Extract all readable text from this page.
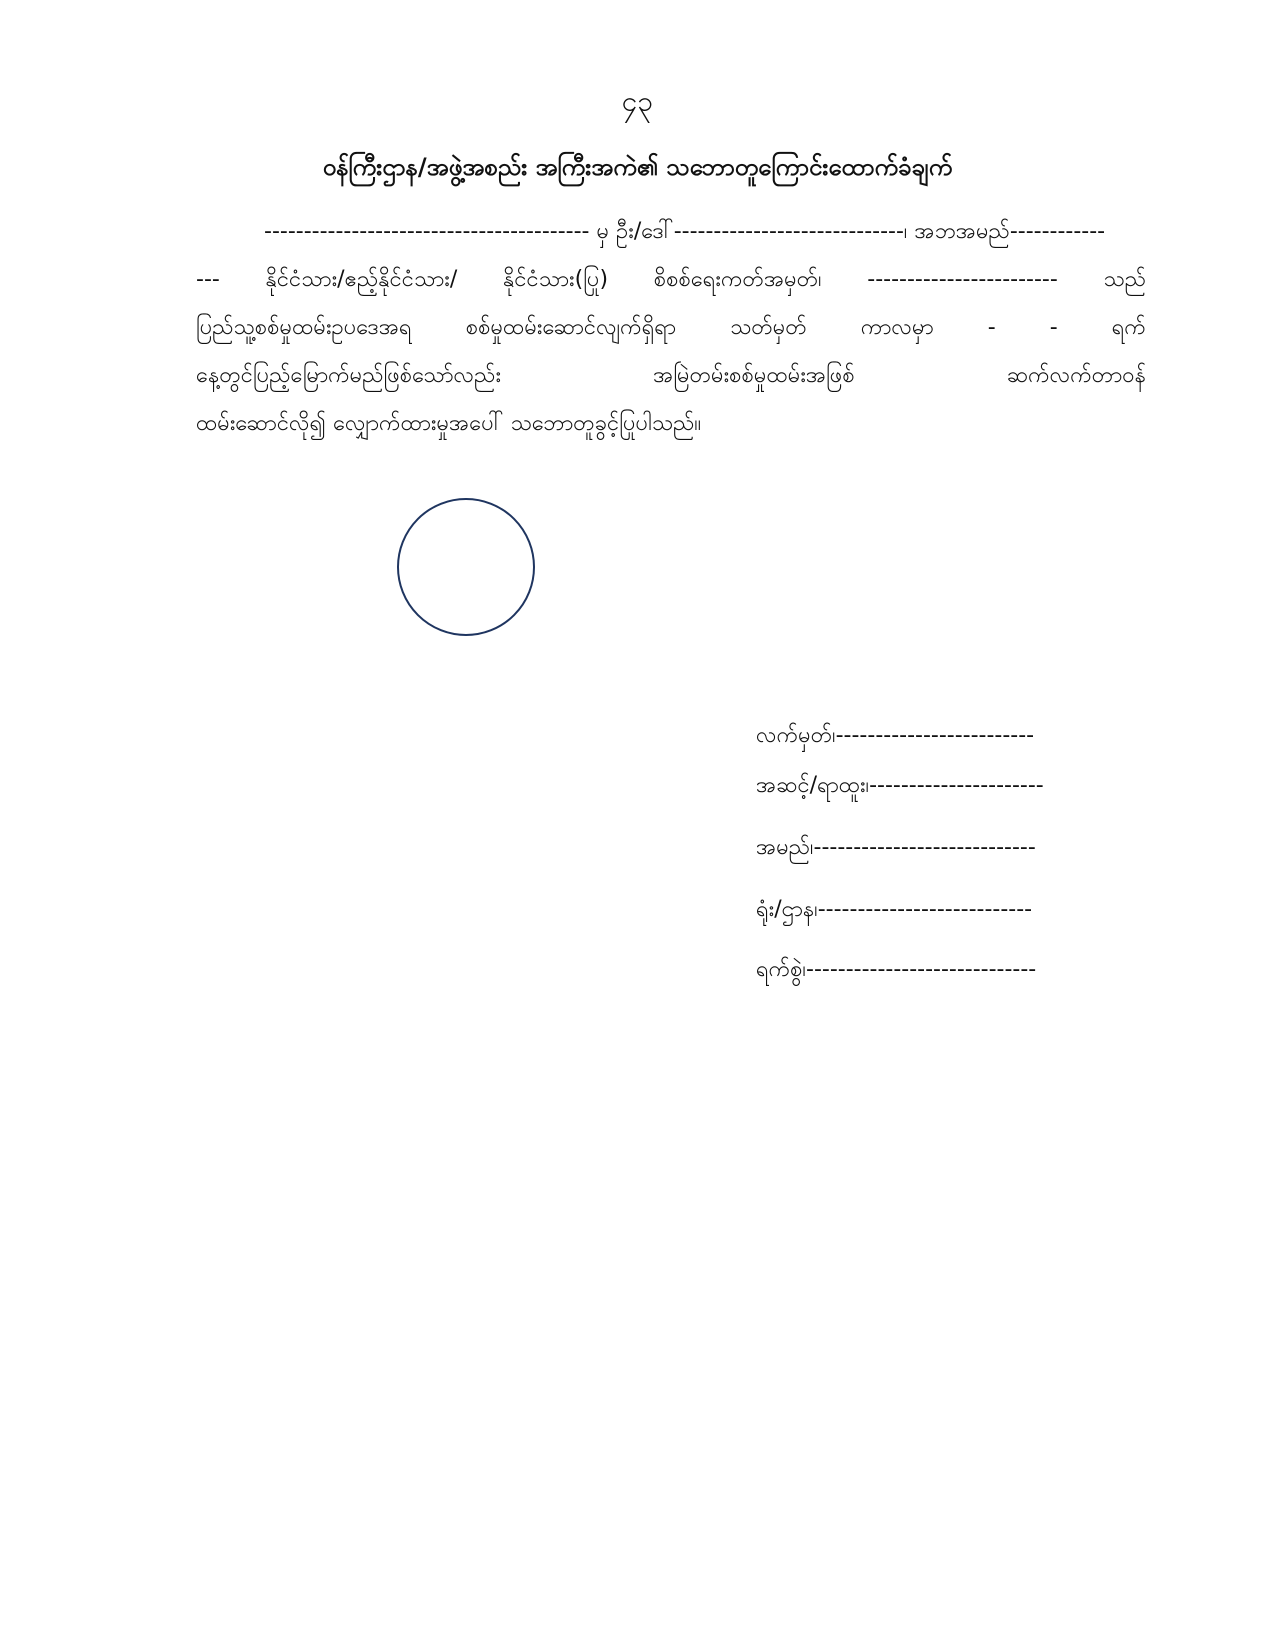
၄၃
ဝန်ကြီးဌာန/အဖွဲ့အစည်း အကြီးအကဲ၏ သဘောတူကြောင်းထောက်ခံချက်
----------------------------------------- မှ ဦး/ဒေါ်-----------------------------၊ အဘအမည်------------
--- နိုင်ငံသား/ဧည့်နိုင်ငံသား/ နိုင်ငံသား(ပြု) စိစစ်ရေးကတ်အမှတ်၊ ------------------------ သည်
ပြည်သူ့စစ်မှုထမ်းဥပဒေအရ စစ်မှုထမ်းဆောင်လျက်ရှိရာ သတ်မှတ် ကာလမှာ - - ရက်
နေ့တွင်ပြည့်မြောက်မည်ဖြစ်သော်လည်း	အမြဲတမ်းစစ်မှုထမ်းအဖြစ်	ဆက်လက်တာဝန်
ထမ်းဆောင်လို၍ လျှောက်ထားမှုအပေါ် သဘောတူခွင့်ပြုပါသည်။
လက်မှတ်၊-------------------------
အဆင့်/ရာထူး၊----------------------
အမည်၊----------------------------
ရုံး/ဌာန၊---------------------------
ရက်စွဲ၊-----------------------------
